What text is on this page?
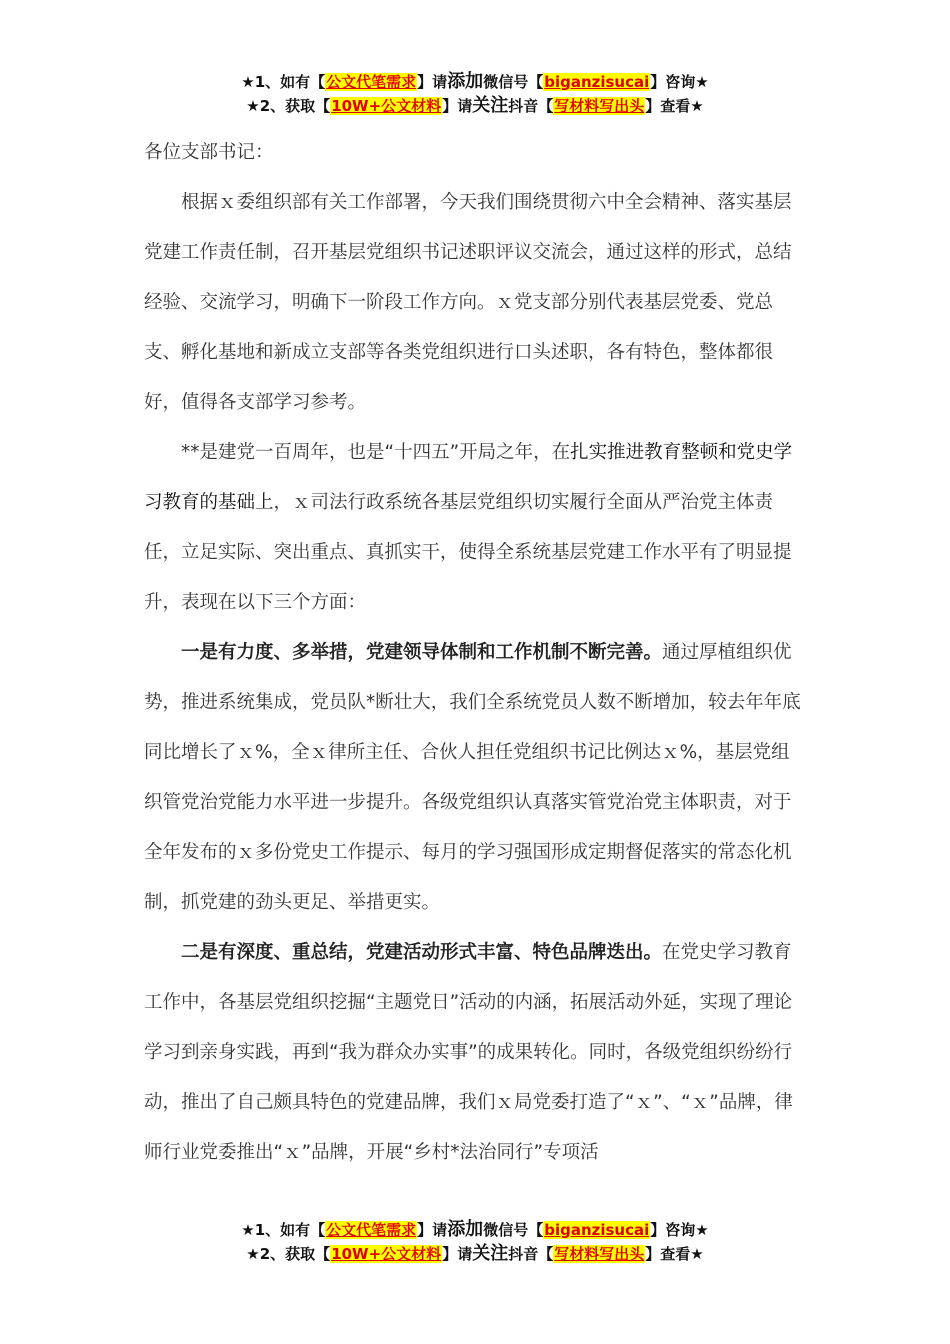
★1、如有【公文代笔需求】请添加微信号【biganzisucai】咨询★
★2、获取【10W+公文材料】请关注抖音【写材料写出头】查看★

各位支部书记：

根据ｘ委组织部有关工作部署，今天我们围绕贯彻六中全会精神、落实基层党建工作责任制，召开基层党组织书记述职评议交流会，通过这样的形式，总结经验、交流学习，明确下一阶段工作方向。ｘ党支部分别代表基层党委、党总支、孵化基地和新成立支部等各类党组织进行口头述职，各有特色，整体都很好，值得各支部学习参考。

**是建党一百周年，也是“十四五”开局之年，在扎实推进教育整顿和党史学习教育的基础上，ｘ司法行政系统各基层党组织切实履行全面从严治党主体责任，立足实际、突出重点、真抓实干，使得全系统基层党建工作水平有了明显提升，表现在以下三个方面：

一是有力度、多举措，党建领导体制和工作机制不断完善。通过厚植组织优势，推进系统集成，党员队*断壮大，我们全系统党员人数不断增加，较去年年底同比增长了ｘ%，全ｘ律所主任、合伙人担任党组织书记比例达ｘ%，基层党组织管党治党能力水平进一步提升。各级党组织认真落实管党治党主体职责，对于全年发布的ｘ多份党史工作提示、每月的学习强国形成定期督促落实的常态化机制，抓党建的劲头更足、举措更实。

二是有深度、重总结，党建活动形式丰富、特色品牌迭出。在党史学习教育工作中，各基层党组织挖掘“主题党日”活动的内涵，拓展活动外延，实现了理论学习到亲身实践，再到“我为群众办实事”的成果转化。同时，各级党组织纷纷行动，推出了自己颇具特色的党建品牌，我们ｘ局党委打造了“ｘ”、“ｘ”品牌，律师行业党委推出“ｘ”品牌，开展“乡村*法治同行”专项活

★1、如有【公文代笔需求】请添加微信号【biganzisucai】咨询★
★2、获取【10W+公文材料】请关注抖音【写材料写出头】查看★
